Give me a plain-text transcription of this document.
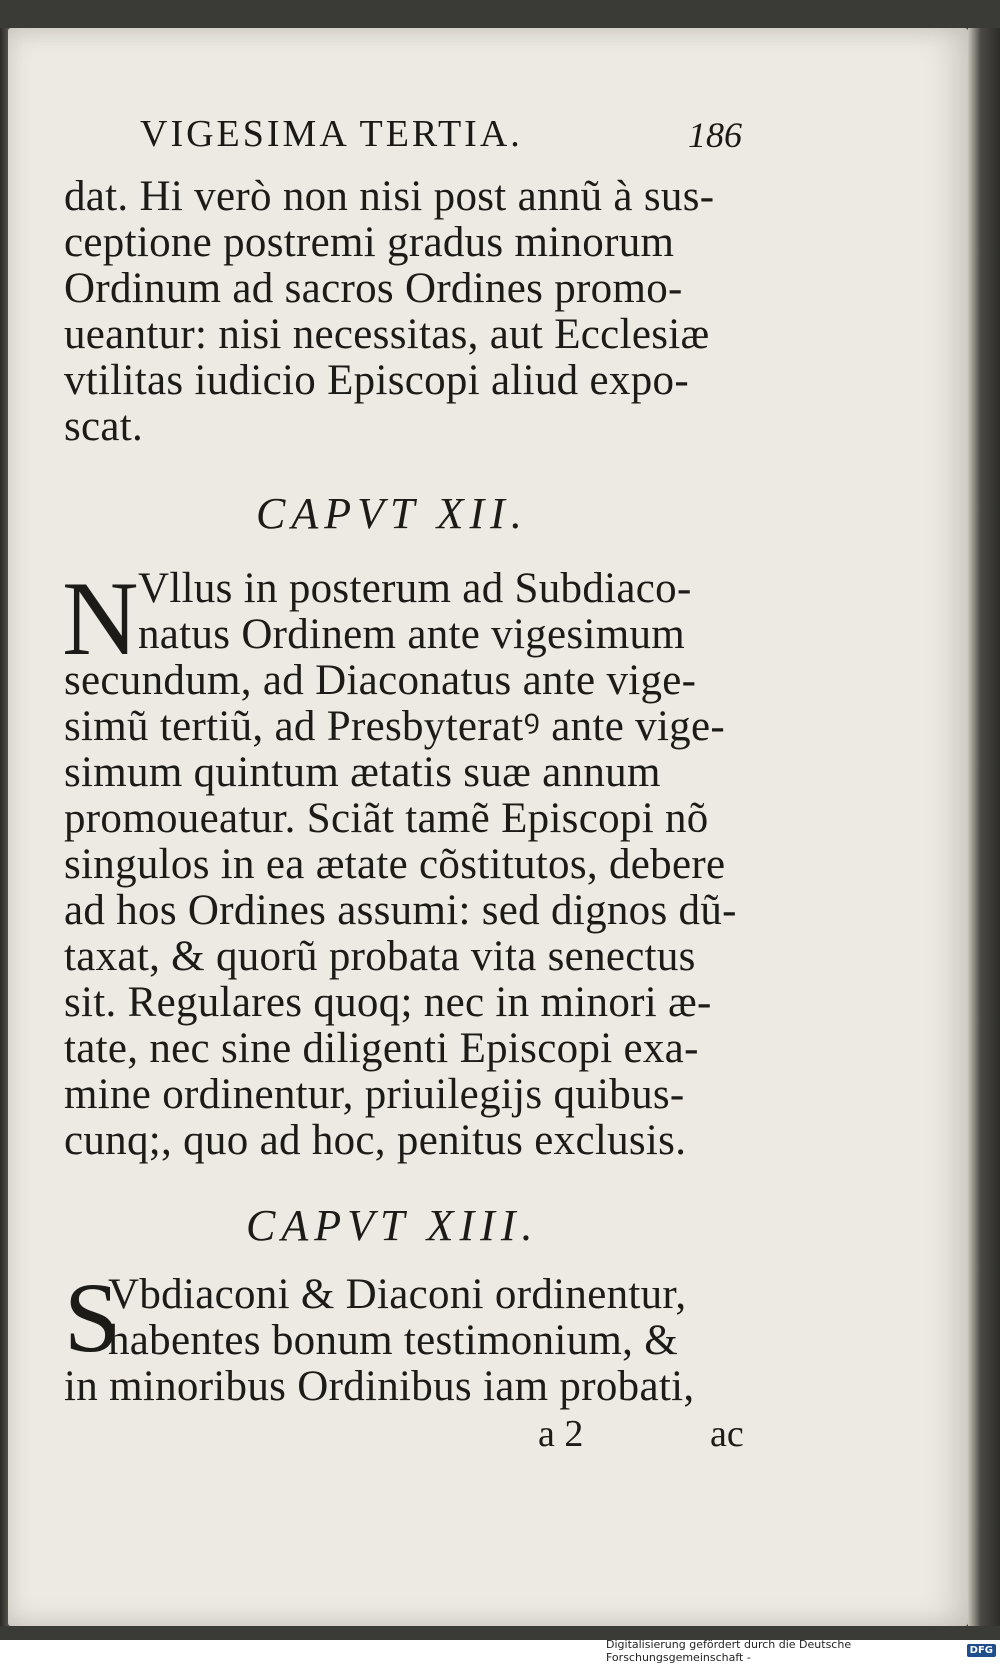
VIGESIMA TERTIA.	186
dat. Hi verò non nisi post annũ à sus-
ceptione postremi gradus minorum
Ordinum ad sacros Ordines promo-
ueantur: nisi necessitas, aut Ecclesiæ
vtilitas iudicio Episcopi aliud expo-
scat.
CAPVT XII.
N Vllus in posterum ad Subdiaco-
natus Ordinem ante vigesimum
secundum, ad Diaconatus ante vige-
simũ tertiũ, ad Presbyteratꝰ ante vige-
simum quintum ætatis suæ annum
promoueatur. Sciãt tamẽ Episcopi nõ
singulos in ea ætate cõstitutos, debere
ad hos Ordines assumi: sed dignos dũ-
taxat, & quorũ probata vita senectus
sit. Regulares quoq; nec in minori æ-
tate, nec sine diligenti Episcopi exa-
mine ordinentur, priuilegijs quibus-
cunq;, quo ad hoc, penitus exclusis.
CAPVT XIII.
S
Vbdiaconi & Diaconi ordinentur,
habentes bonum testimonium, &
in minoribus Ordinibus iam probati,
a 2	ac
Digitalisierung gefördert durch die Deutsche Forschungsgemeinschaft -	DFG
